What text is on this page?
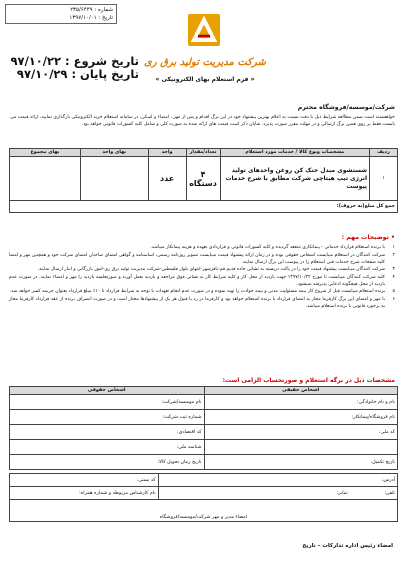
شماره : ۲۳۵/۶۴۴۹
تاریخ : ۱۳۹۷/۱۰/۰۱
تاریخ شروع : ۹۷/۱۰/۲۲
تاریخ پایان : ۹۷/۱۰/۲۹
شرکت مدیریت تولید برق ری
« فرم استعلام بهای الکترونیکی »
شرکت/موسسه/فروشگاه محترم
خواهشمند است ضمن مطالعه شرایط ذیل با دقت نسبت به اعلام بهترین پیشنهاد خود در این برگ اقدام و پس از مهر ، امضاء و اسکن، در سامانه استعلام خرید الکترونیکی بارگذاری نمایید، ارائه قیمت می بایست فقط بر روی همین برگ ارسالی و در مهلت مقرر صورت پذیرد. شایان ذکر است قیمت های ارائه شده به صورت کلی و شامل کلیه کسورات قانونی خواهد بود.
ردیف	مشخصات ونوع کالا / خدمات مورد استعلام	تعداد/مقدار	واحد	بهای واحد	بهای مجموع
۱	شستشوی مبدل خنک کن روغن واحدهای تولید انرژی تیپ هیتاچی شرکت مطابق با شرح خدمات پیوست	۴ دستگاه	عدد		
جمع کل مبلغ(به حروف):					
• توضیحات مهم :
۱
با برنده استعلام قرارداد خدماتی - پیمانکاری منعقد گردیده و کلیه کسورات قانونی و قراردادی بعهده و هزینه پیمانکار میباشد.
۲
شرکت کنندگان در استعلام میبایست اشخاص حقوقی بوده و در زمان ارائه پیشنهاد قیمت میبایست تصویر روزنامه رسمی، اساسنامه و گواهی امضای صاحبان امضای شرکت خود و همچنین مهر و امضا کلیه صفحات شرح خدمات فنی استعلام را در پیوست این برگ ارسال نمایند.
۳
شرکت کنندگان میبایست پیشنهاد قیمت خود را در پاکت دربسته به نشانی جاده قدیم قم-باقرشهر-انتهای بلوار فلسطین-شرکت مدیریت تولید برق ری-امور بازرگانی و انبار ارسال نمایند.
۴
کلیه شرکت کنندگان میبایست تا مورخ ۱۳۹۷/۱۰/۲۲ جهت بازدید از محل کار و کلیه شرایط کار به نشانی فوق مراجعه و بازدید بعمل آورند و صورتجلسه بازدید را مهر و امضاء نمایند. در صورت عدم بازدید از محل هیچگونه ادعایی پذیرفته نمیشود.
۵
برنده استعلام میبایست قبل از شروع کار بیمه مسئولیت مدنی و بیمه حوادث را تهیه نموده و در صورت عدم انجام تعهدات با توجه به شرایط قرارداد تا ۱۰٪ مبلغ قرارداد بعنوان جریمه کسر خواهد شد.
۶
با مهر و امضای این برگ کارفرما مجاز به امضای قرارداد با برنده استعلام خواهد بود و کارفرما در رد یا قبول هر یک از پیشنهادها مختار است و در صورت انصراف برنده از عقد قرارداد کارفرما مجاز به برخورد قانونی با برنده استعلام میباشد.
مشخصات ذیل در برگه استعلام و صورتحساب الزامی است:
اشخاص حقیقی	اشخاص حقوقی
نام و نام خانوادگی:	نام موسسه/شرکت:
نام فروشگاه/پیمانکار:	شماره ثبت شرکت:
کد ملی:	کد اقتصادی:
	شناسه ملی:
تاریخ تکمیل:	تاریخ زمان تحویل کالا:
آدرس:	کد پستی:
تلفن:                        نمابر:	نام کارشناس مربوطه و شماره همراه:
امضاء مدیر و مهر شرکت/موسسه/فروشگاه	
امضاء رئیس اداره تدارکات – تاریخ
